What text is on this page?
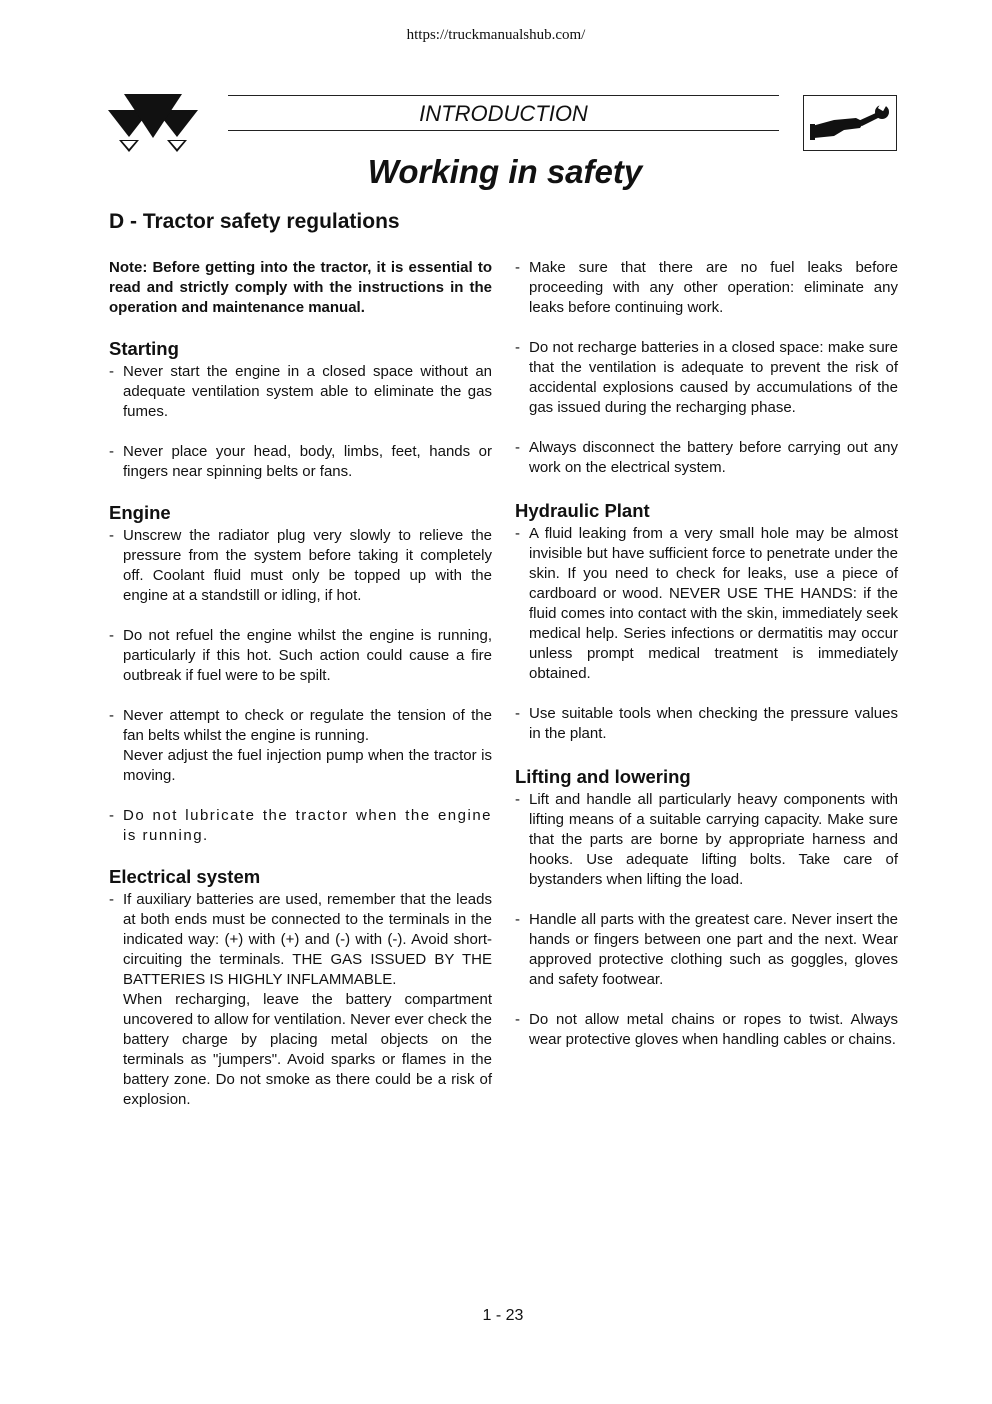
https://truckmanualshub.com/
INTRODUCTION
Working in safety
D - Tractor safety regulations

Note: Before getting into the tractor, it is essential to read and strictly comply with the instructions in the operation and maintenance manual.

Starting

- Never start the engine in a closed space without an adequate ventilation system able to eliminate the gas fumes.

- Never place your head, body, limbs, feet, hands or fingers near spinning belts or fans.

Engine

- Unscrew the radiator plug very slowly to relieve the pressure from the system before taking it completely off. Coolant fluid must only be topped up with the engine at a standstill or idling, if hot.

- Do not refuel the engine whilst the engine is running, particularly if this hot. Such action could cause a fire outbreak if fuel were to be spilt.

- Never attempt to check or regulate the tension of the fan belts whilst the engine is running.

Never adjust the fuel injection pump when the tractor is moving.

- Do not lubricate the tractor when the engine is running.

Electrical system

- If auxiliary batteries are used, remember that the leads at both ends must be connected to the terminals in the indicated way: (+) with (+) and (-) with (-). Avoid short-circuiting the terminals. THE GAS ISSUED BY THE BATTERIES IS HIGHLY INFLAMMABLE.

When recharging, leave the battery compartment uncovered to allow for ventilation. Never ever check the battery charge by placing metal objects on the terminals as "jumpers". Avoid sparks or flames in the battery zone. Do not smoke as there could be a risk of explosion.

- Make sure that there are no fuel leaks before proceeding with any other operation: eliminate any leaks before continuing work.

- Do not recharge batteries in a closed space: make sure that the ventilation is adequate to prevent the risk of accidental explosions caused by accumulations of the gas issued during the recharging phase.

- Always disconnect the battery before carrying out any work on the electrical system.

Hydraulic Plant

- A fluid leaking from a very small hole may be almost invisible but have sufficient force to penetrate under the skin. If you need to check for leaks, use a piece of cardboard or wood. NEVER USE THE HANDS: if the fluid comes into contact with the skin, immediately seek medical help. Series infections or dermatitis may occur unless prompt medical treatment is immediately obtained.

- Use suitable tools when checking the pressure values in the plant.

Lifting and lowering

- Lift and handle all particularly heavy components with lifting means of a suitable carrying capacity. Make sure that the parts are borne by appropriate harness and hooks. Use adequate lifting bolts. Take care of bystanders when lifting the load.

- Handle all parts with the greatest care. Never insert the hands or fingers between one part and the next. Wear approved protective clothing such as goggles, gloves and safety footwear.

- Do not allow metal chains or ropes to twist. Always wear protective gloves when handling cables or chains.

1 - 23
